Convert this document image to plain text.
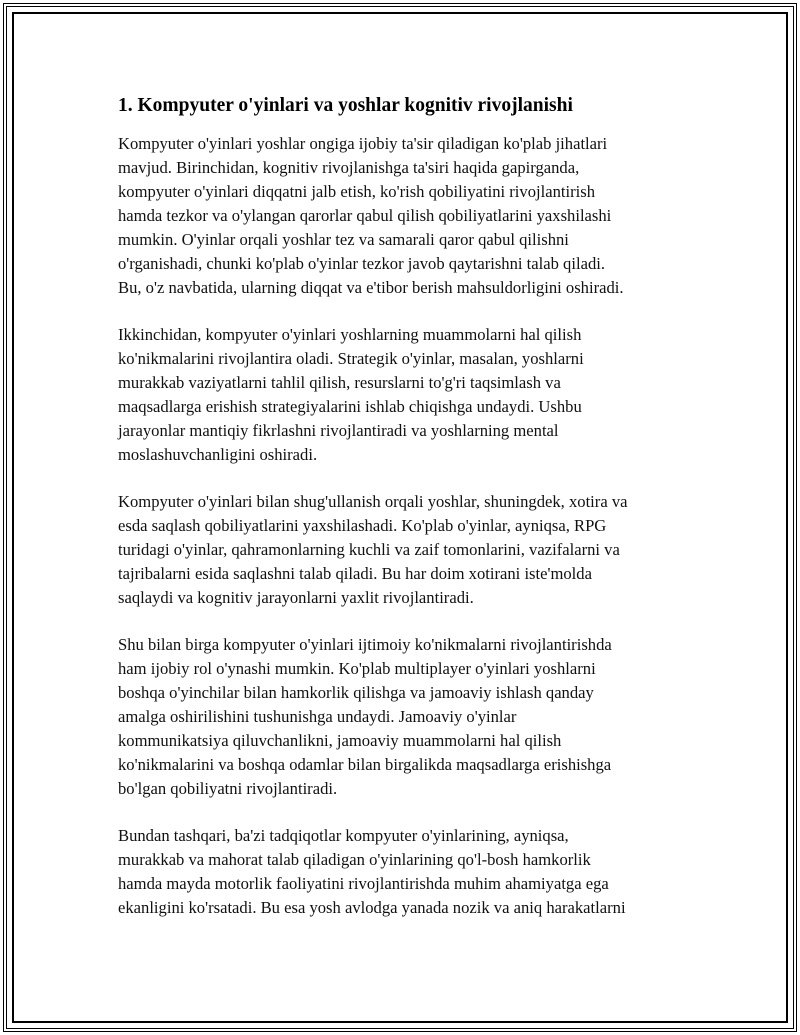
1. Kompyuter o'yinlari va yoshlar kognitiv rivojlanishi

Kompyuter o'yinlari yoshlar ongiga ijobiy ta'sir qiladigan ko'plab jihatlari
mavjud. Birinchidan, kognitiv rivojlanishga ta'siri haqida gapirganda,
kompyuter o'yinlari diqqatni jalb etish, ko'rish qobiliyatini rivojlantirish
hamda tezkor va o'ylangan qarorlar qabul qilish qobiliyatlarini yaxshilashi
mumkin. O'yinlar orqali yoshlar tez va samarali qaror qabul qilishni
o'rganishadi, chunki ko'plab o'yinlar tezkor javob qaytarishni talab qiladi.
Bu, o'z navbatida, ularning diqqat va e'tibor berish mahsuldorligini oshiradi.

Ikkinchidan, kompyuter o'yinlari yoshlarning muammolarni hal qilish
ko'nikmalarini rivojlantira oladi. Strategik o'yinlar, masalan, yoshlarni
murakkab vaziyatlarni tahlil qilish, resurslarni to'g'ri taqsimlash va
maqsadlarga erishish strategiyalarini ishlab chiqishga undaydi. Ushbu
jarayonlar mantiqiy fikrlashni rivojlantiradi va yoshlarning mental
moslashuvchanligini oshiradi.

Kompyuter o'yinlari bilan shug'ullanish orqali yoshlar, shuningdek, xotira va
esda saqlash qobiliyatlarini yaxshilashadi. Ko'plab o'yinlar, ayniqsa, RPG
turidagi o'yinlar, qahramonlarning kuchli va zaif tomonlarini, vazifalarni va
tajribalarni esida saqlashni talab qiladi. Bu har doim xotirani iste'molda
saqlaydi va kognitiv jarayonlarni yaxlit rivojlantiradi.

Shu bilan birga kompyuter o'yinlari ijtimoiy ko'nikmalarni rivojlantirishda
ham ijobiy rol o'ynashi mumkin. Ko'plab multiplayer o'yinlari yoshlarni
boshqa o'yinchilar bilan hamkorlik qilishga va jamoaviy ishlash qanday
amalga oshirilishini tushunishga undaydi. Jamoaviy o'yinlar
kommunikatsiya qiluvchanlikni, jamoaviy muammolarni hal qilish
ko'nikmalarini va boshqa odamlar bilan birgalikda maqsadlarga erishishga
bo'lgan qobiliyatni rivojlantiradi.

Bundan tashqari, ba'zi tadqiqotlar kompyuter o'yinlarining, ayniqsa,
murakkab va mahorat talab qiladigan o'yinlarining qo'l-bosh hamkorlik
hamda mayda motorlik faoliyatini rivojlantirishda muhim ahamiyatga ega
ekanligini ko'rsatadi. Bu esa yosh avlodga yanada nozik va aniq harakatlarni
